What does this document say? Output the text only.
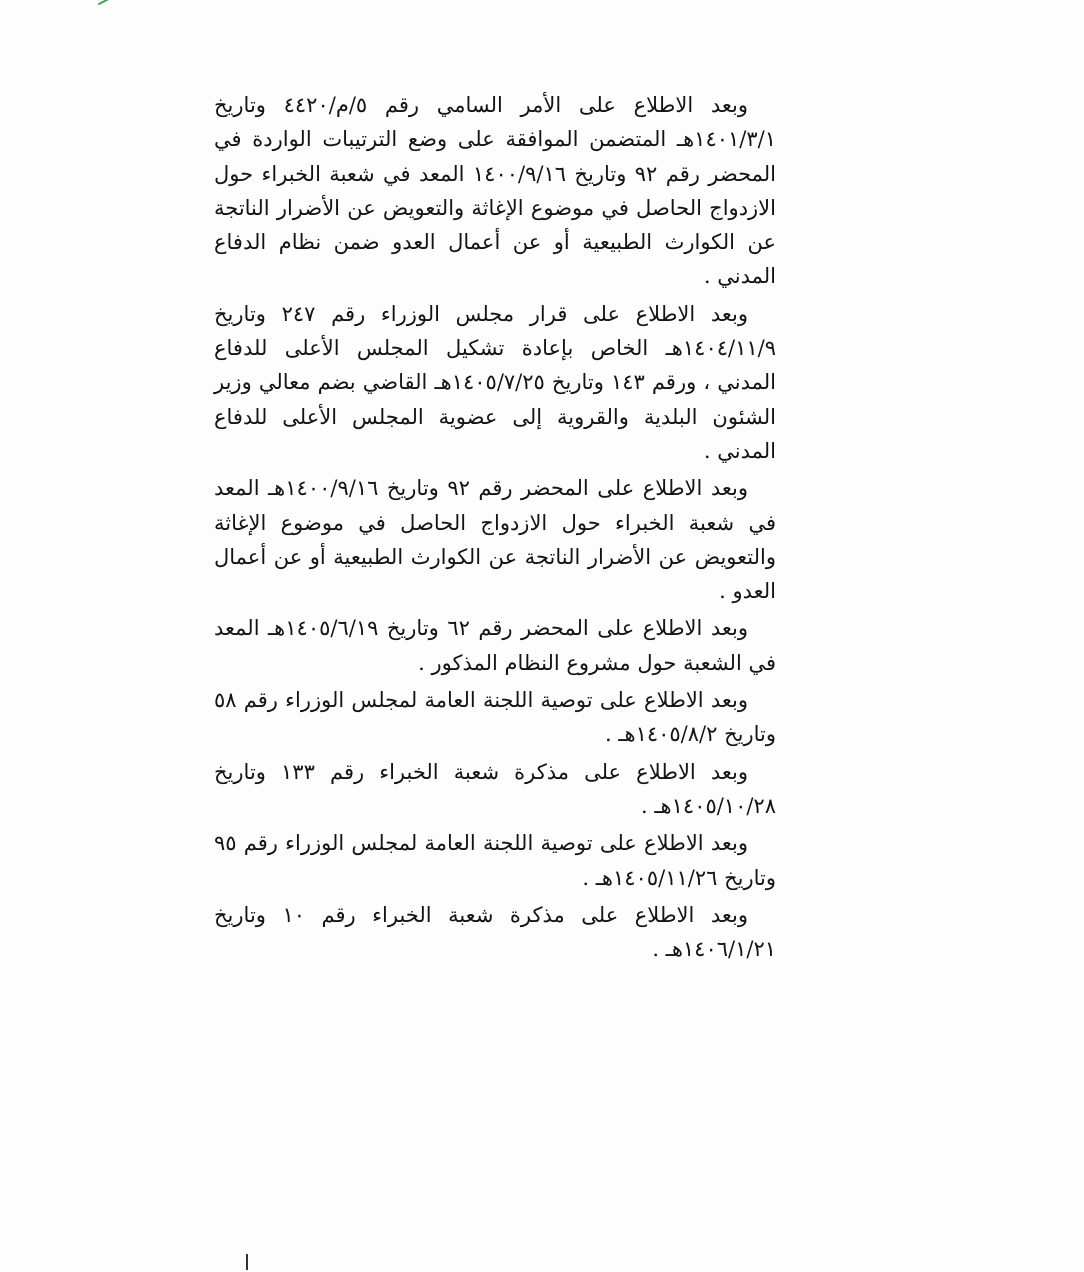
وبعد الاطلاع على الأمر السامي رقم ٥/م/٤٤٢٠ وتاريخ ١٤٠١/٣/١هـ المتضمن الموافقة على وضع الترتيبات الواردة في المحضر رقم ٩٢ وتاريخ ١٤٠٠/٩/١٦ المعد في شعبة الخبراء حول الازدواج الحاصل في موضوع الإغاثة والتعويض عن الأضرار الناتجة عن الكوارث الطبيعية أو عن أعمال العدو ضمن نظام الدفاع المدني .

وبعد الاطلاع على قرار مجلس الوزراء رقم ٢٤٧ وتاريخ ١٤٠٤/١١/٩هـ الخاص بإعادة تشكيل المجلس الأعلى للدفاع المدني ، ورقم ١٤٣ وتاريخ ١٤٠٥/٧/٢٥هـ القاضي بضم معالي وزير الشئون البلدية والقروية إلى عضوية المجلس الأعلى للدفاع المدني .

وبعد الاطلاع على المحضر رقم ٩٢ وتاريخ ١٤٠٠/٩/١٦هـ المعد في شعبة الخبراء حول الازدواج الحاصل في موضوع الإغاثة والتعويض عن الأضرار الناتجة عن الكوارث الطبيعية أو عن أعمال العدو .

وبعد الاطلاع على المحضر رقم ٦٢ وتاريخ ١٤٠٥/٦/١٩هـ المعد في الشعبة حول مشروع النظام المذكور .

وبعد الاطلاع على توصية اللجنة العامة لمجلس الوزراء رقم ٥٨ وتاريخ ١٤٠٥/٨/٢هـ .

وبعد الاطلاع على مذكرة شعبة الخبراء رقم ١٣٣ وتاريخ ١٤٠٥/١٠/٢٨هـ .

وبعد الاطلاع على توصية اللجنة العامة لمجلس الوزراء رقم ٩٥ وتاريخ ١٤٠٥/١١/٢٦هـ .

وبعد الاطلاع على مذكرة شعبة الخبراء رقم ١٠ وتاريخ ١٤٠٦/١/٢١هـ .
